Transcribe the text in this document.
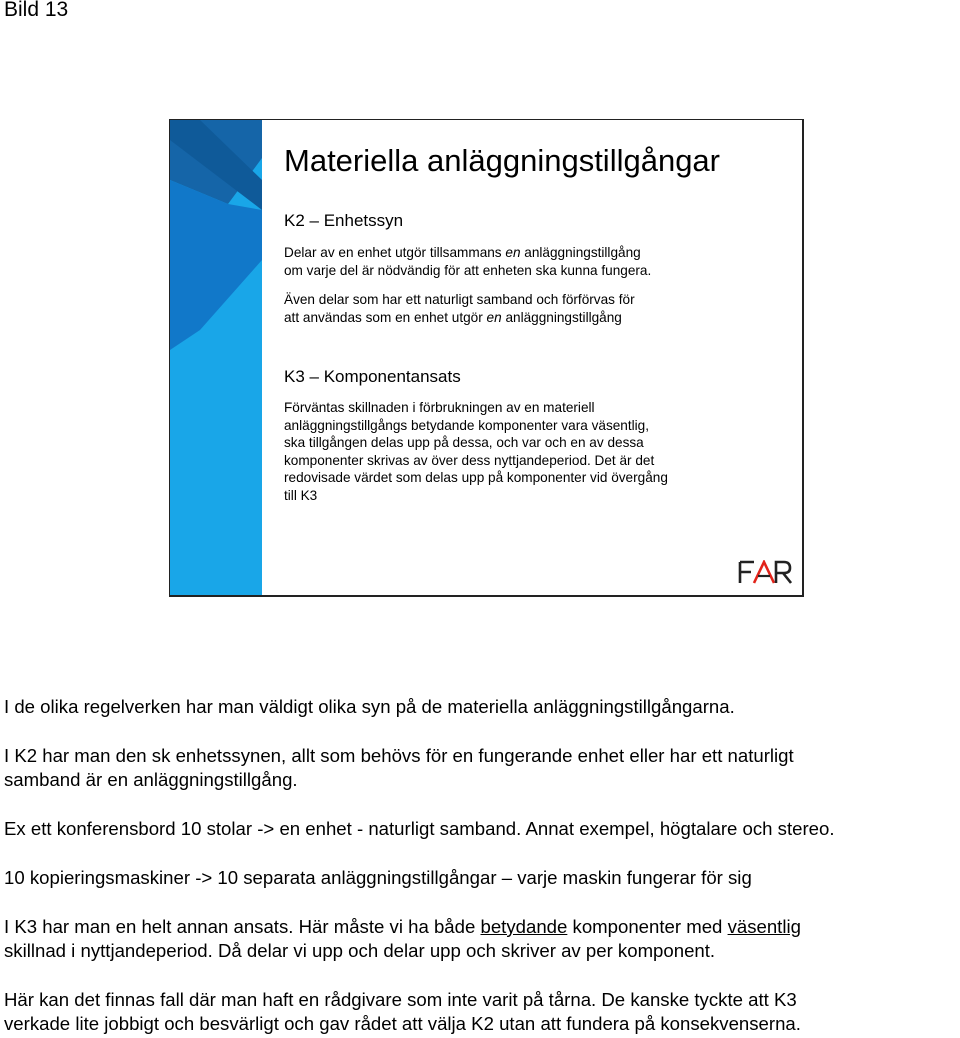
Bild 13
Materiella anläggningstillgångar
K2 – Enhetssyn
Delar av en enhet utgör tillsammans en anläggningstillgång
om varje del är nödvändig för att enheten ska kunna fungera.
Även delar som har ett naturligt samband och förförvas för
att användas som en enhet utgör en anläggningstillgång
K3 – Komponentansats
Förväntas skillnaden i förbrukningen av en materiell
anläggningstillgångs betydande komponenter vara väsentlig,
ska tillgången delas upp på dessa, och var och en av dessa
komponenter skrivas av över dess nyttjandeperiod. Det är det
redovisade värdet som delas upp på komponenter vid övergång
till K3
I de olika regelverken har man väldigt olika syn på de materiella anläggningstillgångarna.
I K2 har man den sk enhetssynen, allt som behövs för en fungerande enhet eller har ett naturligt
samband är en anläggningstillgång.
Ex ett konferensbord 10 stolar -> en enhet - naturligt samband. Annat exempel, högtalare och stereo.
10 kopieringsmaskiner -> 10 separata anläggningstillgångar – varje maskin fungerar för sig
I K3 har man en helt annan ansats. Här måste vi ha både betydande komponenter med väsentlig
skillnad i nyttjandeperiod. Då delar vi upp och delar upp och skriver av per komponent.
Här kan det finnas fall där man haft en rådgivare som inte varit på tårna. De kanske tyckte att K3
verkade lite jobbigt och besvärligt och gav rådet att välja K2 utan att fundera på konsekvenserna.
